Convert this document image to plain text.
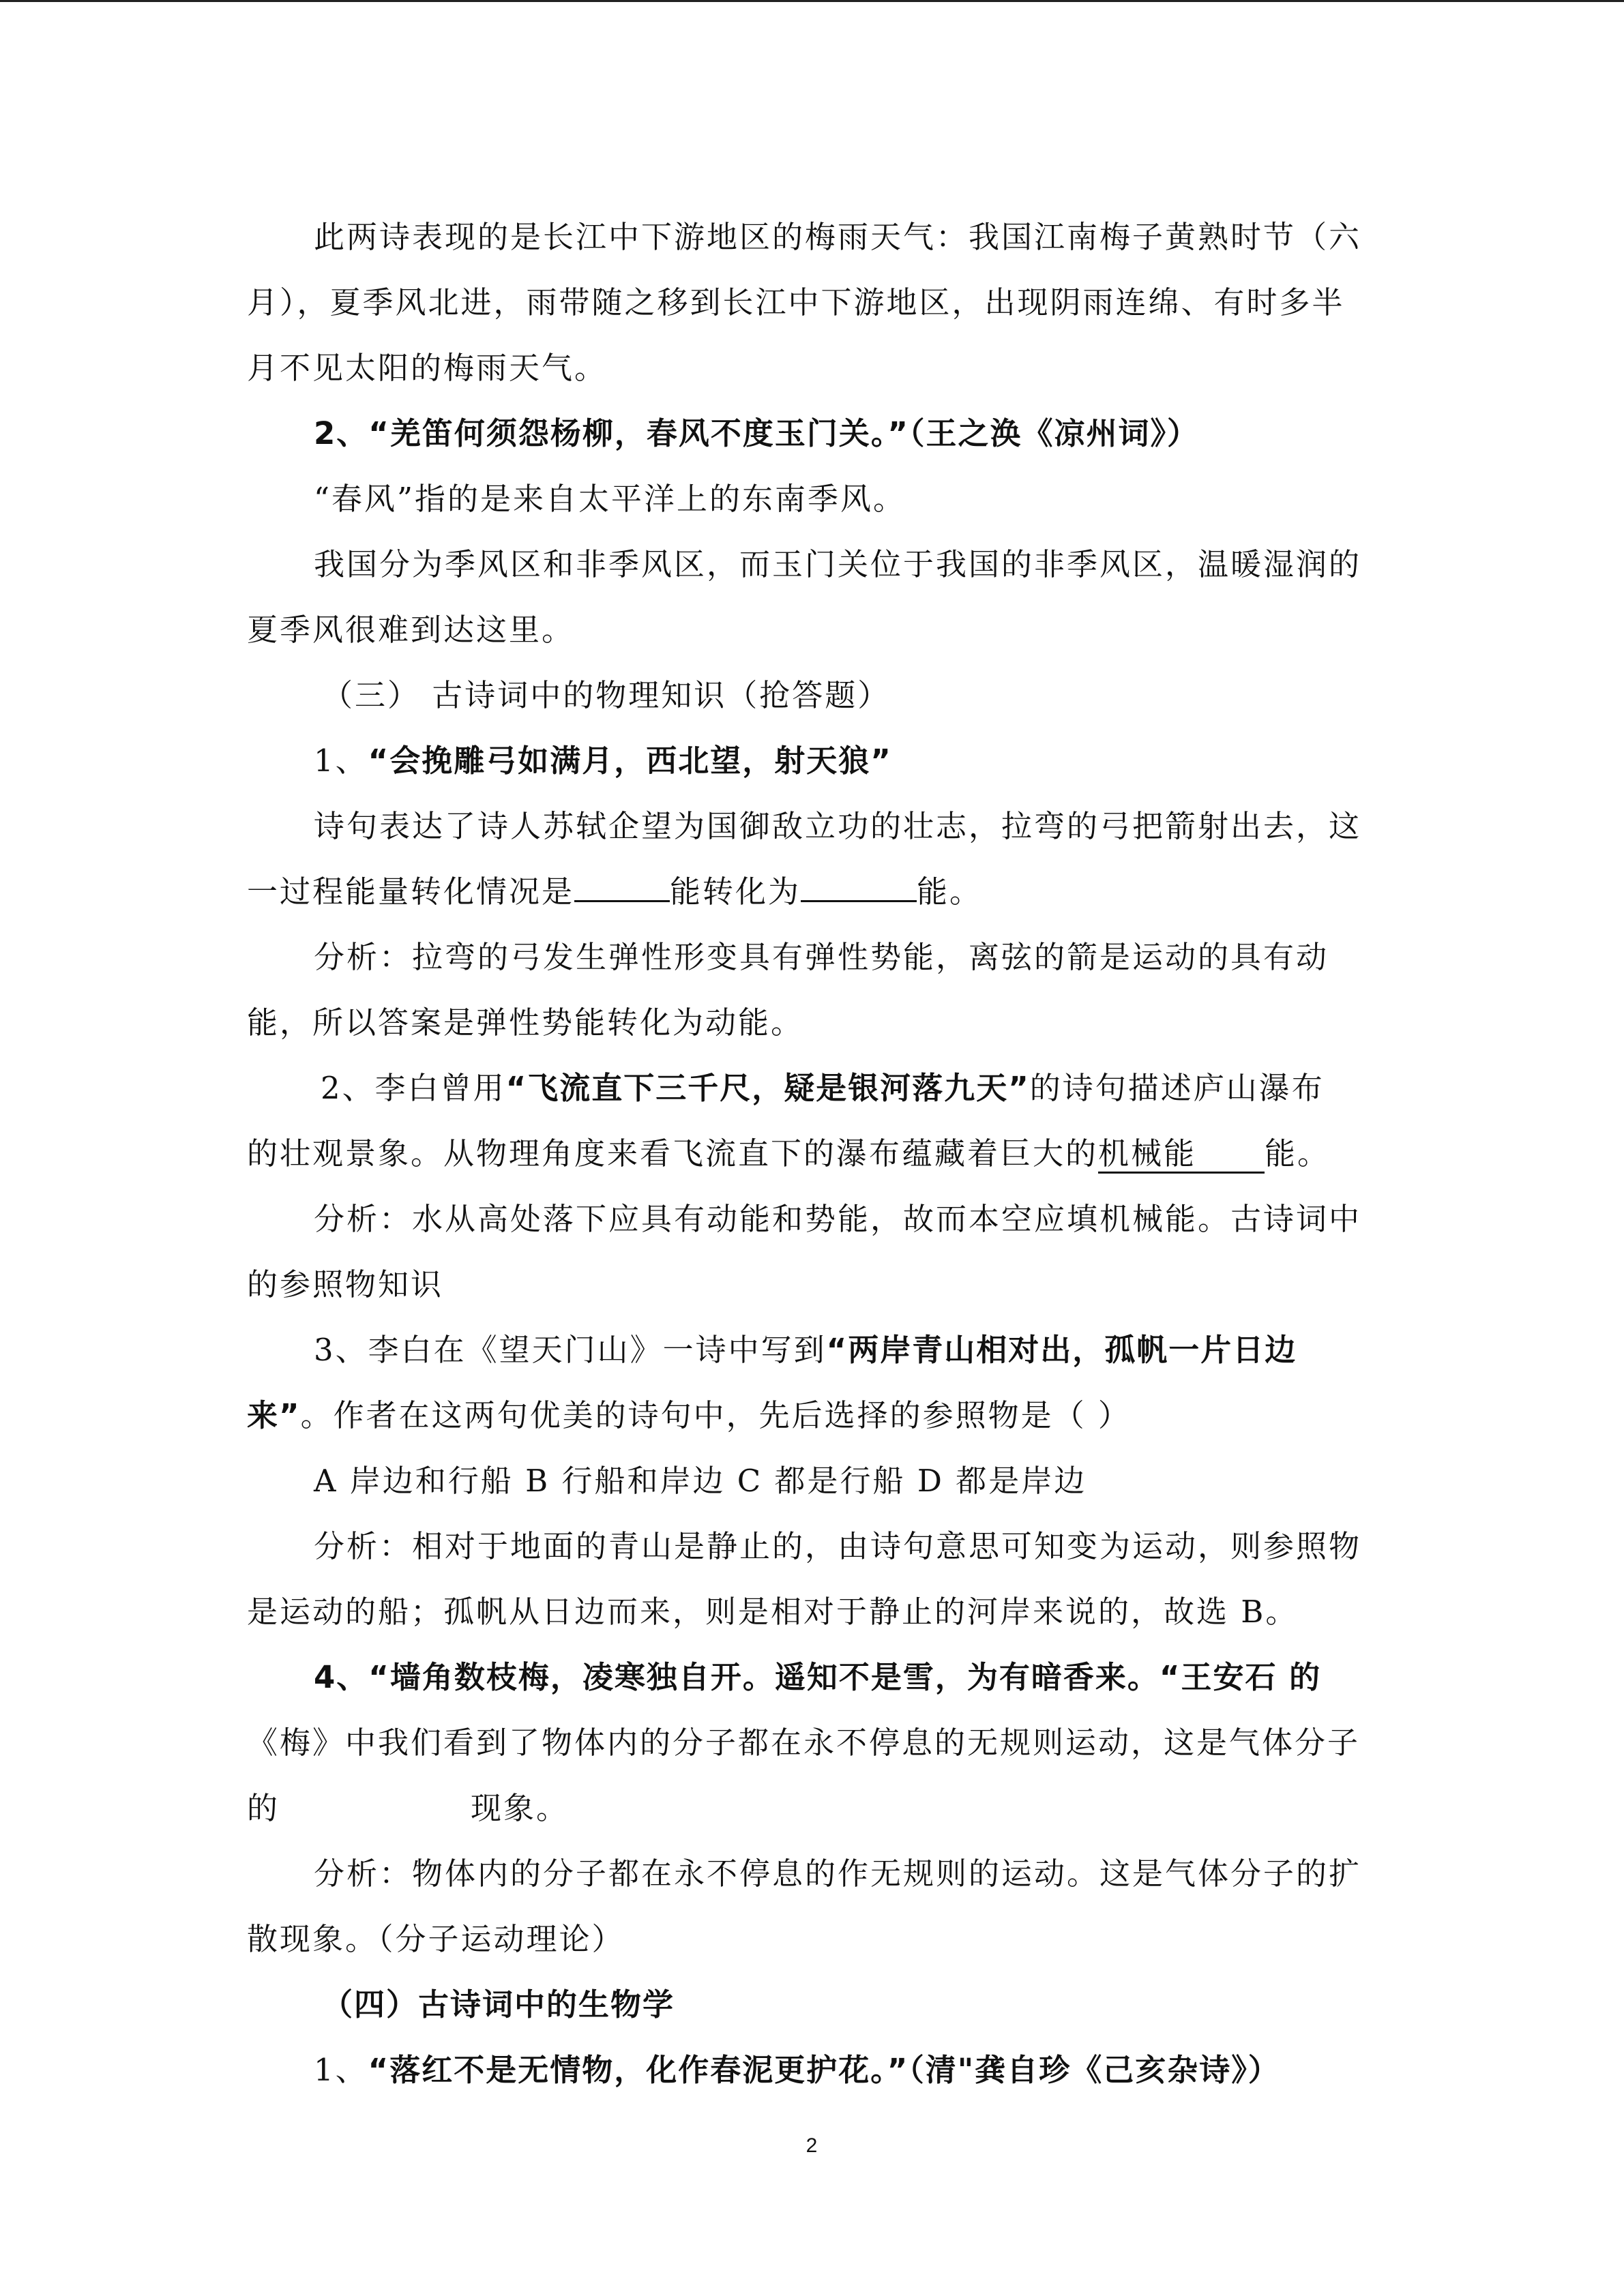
此两诗表现的是长江中下游地区的梅雨天气：我国江南梅子黄熟时节（六
月），夏季风北进，雨带随之移到长江中下游地区，出现阴雨连绵、有时多半
月不见太阳的梅雨天气。
2、“羌笛何须怨杨柳，春风不度玉门关。”（王之涣《凉州词》）
“春风”指的是来自太平洋上的东南季风。
我国分为季风区和非季风区，而玉门关位于我国的非季风区，温暖湿润的
夏季风很难到达这里。
（三） 古诗词中的物理知识（抢答题）
1、“会挽雕弓如满月，西北望，射天狼”
诗句表达了诗人苏轼企望为国御敌立功的壮志，拉弯的弓把箭射出去，这
一过程能量转化情况是	能转化为	能。
分析：拉弯的弓发生弹性形变具有弹性势能，离弦的箭是运动的具有动
能，所以答案是弹性势能转化为动能。
2、李白曾用“飞流直下三千尺，疑是银河落九天”的诗句描述庐山瀑布
的壮观景象。从物理角度来看飞流直下的瀑布蕴藏着巨大的机械能 能。
分析：水从高处落下应具有动能和势能，故而本空应填机械能。古诗词中
的参照物知识
3、李白在《望天门山》一诗中写到“两岸青山相对出，孤帆一片日边
来”。作者在这两句优美的诗句中，先后选择的参照物是（ ）
A 岸边和行船 B 行船和岸边 C 都是行船 D 都是岸边
分析：相对于地面的青山是静止的，由诗句意思可知变为运动，则参照物
是运动的船；孤帆从日边而来，则是相对于静止的河岸来说的，故选 B。
4、“墙角数枝梅，凌寒独自开。遥知不是雪，为有暗香来。“王安石 的
《梅》中我们看到了物体内的分子都在永不停息的无规则运动，这是气体分子
的	现象。
分析：物体内的分子都在永不停息的作无规则的运动。这是气体分子的扩
散现象。（分子运动理论）
（四）古诗词中的生物学
1、“落红不是无情物，化作春泥更护花。”（清"龚自珍《己亥杂诗》）
2
